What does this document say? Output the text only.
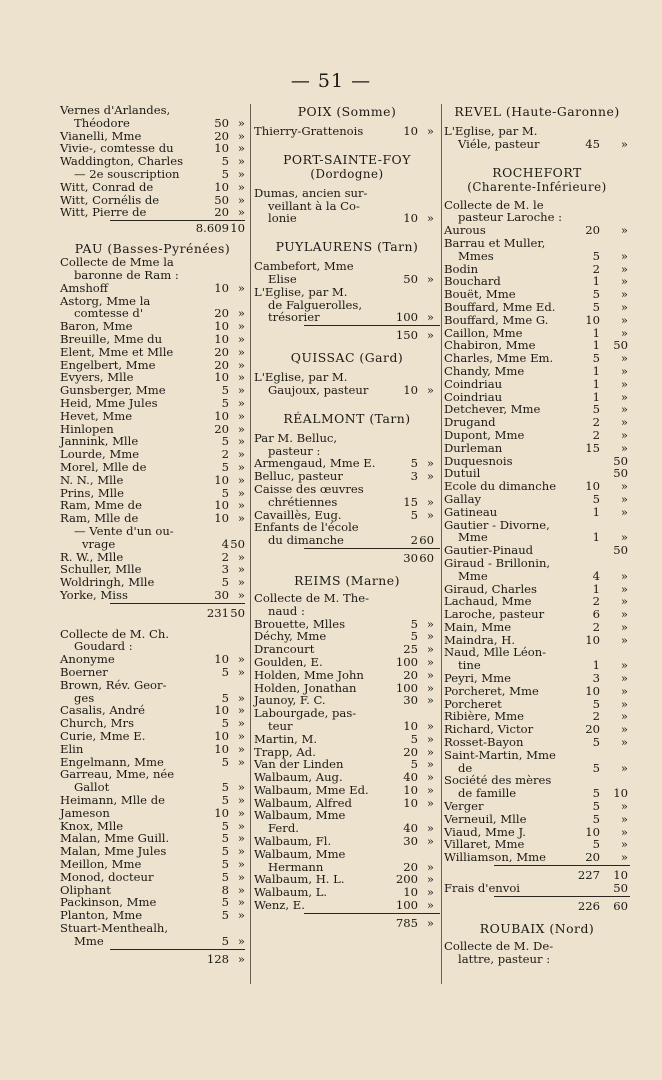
— 51 —
Vernes d'Arlandes,
Théodore	50 »
Vianelli, Mme	20 »
Vivie-, comtesse du	10 »
Waddington, Charles	5 »
— 2e souscription	5 »
Witt, Conrad de	10 »
Witt, Cornélis de	50 »
Witt, Pierre de	20 »
8.609 10
PAU (Basses-Pyrénées)
Collecte de Mme la
baronne de Ram :
Amshoff	10 »
Astorg, Mme la
comtesse d'	20 »
Baron, Mme	10 »
Breuille, Mme du	10 »
Elent, Mme et Mlle	20 »
Engelbert, Mme	20 »
Evyers, Mlle	10 »
Gunsberger, Mme	5 »
Heid, Mme Jules	5 »
Hevet, Mme	10 »
Hinlopen	20 »
Jannink, Mlle	5 »
Lourde, Mme	2 »
Morel, Mlle de	5 »
N. N., Mlle	10 »
Prins, Mlle	5 »
Ram, Mme de	10 »
Ram, Mlle de	10 »
— Vente d'un ou-
vrage	4 50
R. W., Mlle	2 »
Schuller, Mlle	3 »
Woldringh, Mlle	5 »
Yorke, Miss	30 »
231 50
Collecte de M. Ch.
Goudard :
Anonyme	10 »
Boerner	5 »
Brown, Rév. Geor-
ges	5 »
Casalis, André	10 »
Church, Mrs	5 »
Curie, Mme E.	10 »
Elin	10 »
Engelmann, Mme	5 »
Garreau, Mme, née
Gallot	5 »
Heimann, Mlle de	5 »
Jameson	10 »
Knox, Mlle	5 »
Malan, Mme Guill.	5 »
Malan, Mme Jules	5 »
Meillon, Mme	5 »
Monod, docteur	5 »
Oliphant	8 »
Packinson, Mme	5 »
Planton, Mme	5 »
Stuart-Menthealh,
Mme	5 »
128 »
POIX (Somme)
Thierry-Grattenois	10 »
PORT-SAINTE-FOY
(Dordogne)
Dumas, ancien sur-
veillant à la Co-
lonie	10 »
PUYLAURENS (Tarn)
Cambefort, Mme
Elise	50 »
L'Eglise, par M.
de Falguerolles,
trésorier	100 »
150 »
QUISSAC (Gard)
L'Eglise, par M.
Gaujoux, pasteur	10 »
RÉALMONT (Tarn)
Par M. Belluc,
pasteur :
Armengaud, Mme E.	5 »
Belluc, pasteur	3 »
Caisse des œuvres
chrétiennes	15 »
Cavaillès, Eug.	5 »
Enfants de l'école
du dimanche	2 60
30 60
REIMS (Marne)
Collecte de M. The-
naud :
Brouette, Mlles	5 »
Déchy, Mme	5 »
Drancourt	25 »
Goulden, E.	100 »
Holden, Mme John	20 »
Holden, Jonathan	100 »
Jaunoy, F. C.	30 »
Labourgade, pas-
teur	10 »
Martin, M.	5 »
Trapp, Ad.	20 »
Van der Linden	5 »
Walbaum, Aug.	40 »
Walbaum, Mme Ed.	10 »
Walbaum, Alfred	10 »
Walbaum, Mme
Ferd.	40 »
Walbaum, Fl.	30 »
Walbaum, Mme
Hermann	20 »
Walbaum, H. L.	200 »
Walbaum, L.	10 »
Wenz, E.	100 »
785 »
REVEL (Haute-Garonne)
L'Eglise, par M.
Viéle, pasteur	45 »
ROCHEFORT
(Charente-Inférieure)
Collecte de M. le
pasteur Laroche :
Aurous	20 »
Barrau et Muller,
Mmes	5 »
Bodin	2 »
Bouchard	1 »
Bouët, Mme	5 »
Bouffard, Mme Ed.	5 »
Bouffard, Mme G.	10 »
Caillon, Mme	1 »
Chabiron, Mme	1 50
Charles, Mme Em.	5 »
Chandy, Mme	1 »
Coindriau	1 »
Coindriau	1 »
Detchever, Mme	5 »
Drugand	2 »
Dupont, Mme	2 »
Durleman	15 »
Duquesnois	50
Dutuil	50
Ecole du dimanche	10 »
Gallay	5 »
Gatineau	1 »
Gautier - Divorne,
Mme	1 »
Gautier-Pinaud	50
Giraud - Brillonin,
Mme	4 »
Giraud, Charles	1 »
Lachaud, Mme	2 »
Laroche, pasteur	6 »
Main, Mme	2 »
Maindra, H.	10 »
Naud, Mlle Léon-
tine	1 »
Peyri, Mme	3 »
Porcheret, Mme	10 »
Porcheret	5 »
Ribière, Mme	2 »
Richard, Victor	20 »
Rosset-Bayon	5 »
Saint-Martin, Mme
de	5 »
Société des mères
de famille	5 10
Verger	5 »
Verneuil, Mlle	5 »
Viaud, Mme J.	10 »
Villaret, Mme	5 »
Williamson, Mme	20 »
227 10
Frais d'envoi	50
226 60
ROUBAIX (Nord)
Collecte de M. De-
lattre, pasteur :
